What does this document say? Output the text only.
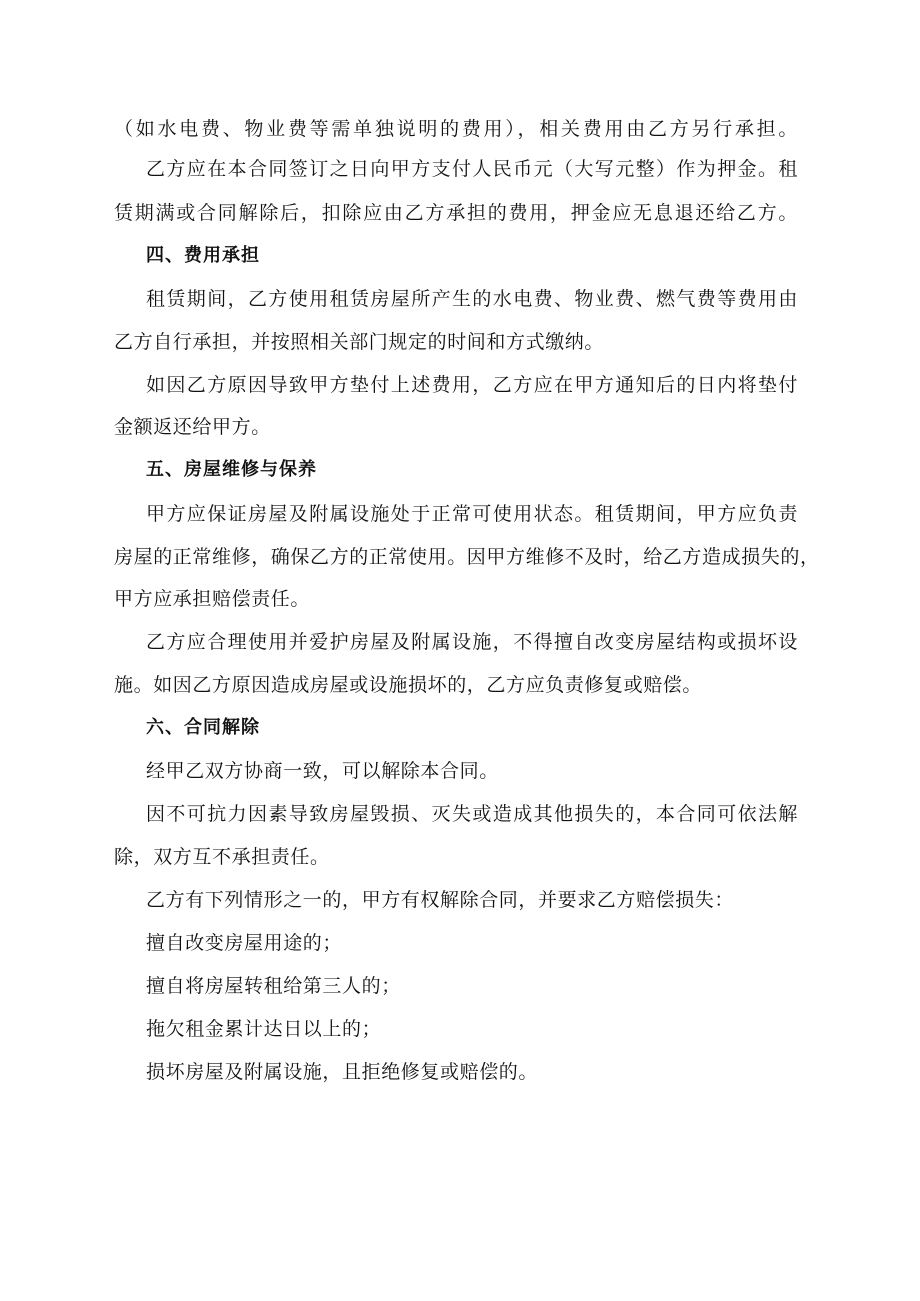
（如水电费、物业费等需单独说明的费用），相关费用由乙方另行承担。
乙方应在本合同签订之日向甲方支付人民币元（大写元整）作为押金。租
赁期满或合同解除后，扣除应由乙方承担的费用，押金应无息退还给乙方。
四、费用承担
租赁期间，乙方使用租赁房屋所产生的水电费、物业费、燃气费等费用由
乙方自行承担，并按照相关部门规定的时间和方式缴纳。
如因乙方原因导致甲方垫付上述费用，乙方应在甲方通知后的日内将垫付
金额返还给甲方。
五、房屋维修与保养
甲方应保证房屋及附属设施处于正常可使用状态。租赁期间，甲方应负责
房屋的正常维修，确保乙方的正常使用。因甲方维修不及时，给乙方造成损失的，
甲方应承担赔偿责任。
乙方应合理使用并爱护房屋及附属设施，不得擅自改变房屋结构或损坏设
施。如因乙方原因造成房屋或设施损坏的，乙方应负责修复或赔偿。
六、合同解除
经甲乙双方协商一致，可以解除本合同。
因不可抗力因素导致房屋毁损、灭失或造成其他损失的，本合同可依法解
除，双方互不承担责任。
乙方有下列情形之一的，甲方有权解除合同，并要求乙方赔偿损失：
擅自改变房屋用途的；
擅自将房屋转租给第三人的；
拖欠租金累计达日以上的；
损坏房屋及附属设施，且拒绝修复或赔偿的。
